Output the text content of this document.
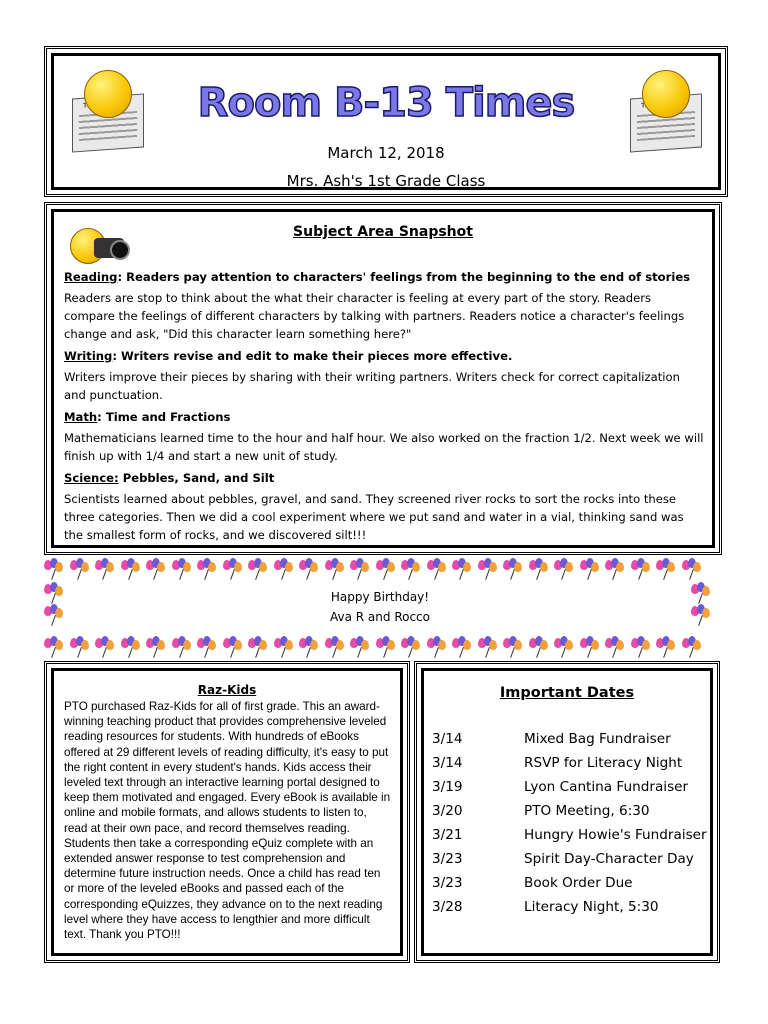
THE NEWS
THE NEWS
Room B-13 Times
March 12, 2018
Mrs. Ash's 1st Grade Class
Subject Area Snapshot
Reading: Readers pay attention to characters' feelings from the beginning to the end of stories
Readers are stop to think about the what their character is feeling at every part of the story. Readers compare the feelings of different characters by talking with partners. Readers notice a character's feelings change and ask, "Did this character learn something here?"
Writing: Writers revise and edit to make their pieces more effective.
Writers improve their pieces by sharing with their writing partners. Writers check for correct capitalization and punctuation.
Math: Time and Fractions
Mathematicians learned time to the hour and half hour. We also worked on the fraction 1/2. Next week we will finish up with 1/4 and start a new unit of study.
Science: Pebbles, Sand, and Silt
Scientists learned about pebbles, gravel, and sand. They screened river rocks to sort the rocks into these three categories. Then we did a cool experiment where we put sand and water in a vial, thinking sand was the smallest form of rocks, and we discovered silt!!!
Happy Birthday!
Ava R and Rocco
Raz-Kids
PTO purchased Raz-Kids for all of first grade. This an award-winning teaching product that provides comprehensive leveled reading resources for students. With hundreds of eBooks offered at 29 different levels of reading difficulty, it's easy to put the right content in every student's hands. Kids access their leveled text through an interactive learning portal designed to keep them motivated and engaged. Every eBook is available in online and mobile formats, and allows students to listen to, read at their own pace, and record themselves reading. Students then take a corresponding eQuiz complete with an extended answer response to test comprehension and determine future instruction needs. Once a child has read ten or more of the leveled eBooks and passed each of the corresponding eQuizzes, they advance on to the next reading level where they have access to lengthier and more difficult text. Thank you PTO!!!
Important Dates
3/14	Mixed Bag Fundraiser
3/14	RSVP for Literacy Night
3/19	Lyon Cantina Fundraiser
3/20	PTO Meeting, 6:30
3/21	Hungry Howie's Fundraiser
3/23	Spirit Day-Character Day
3/23	Book Order Due
3/28	Literacy Night, 5:30
